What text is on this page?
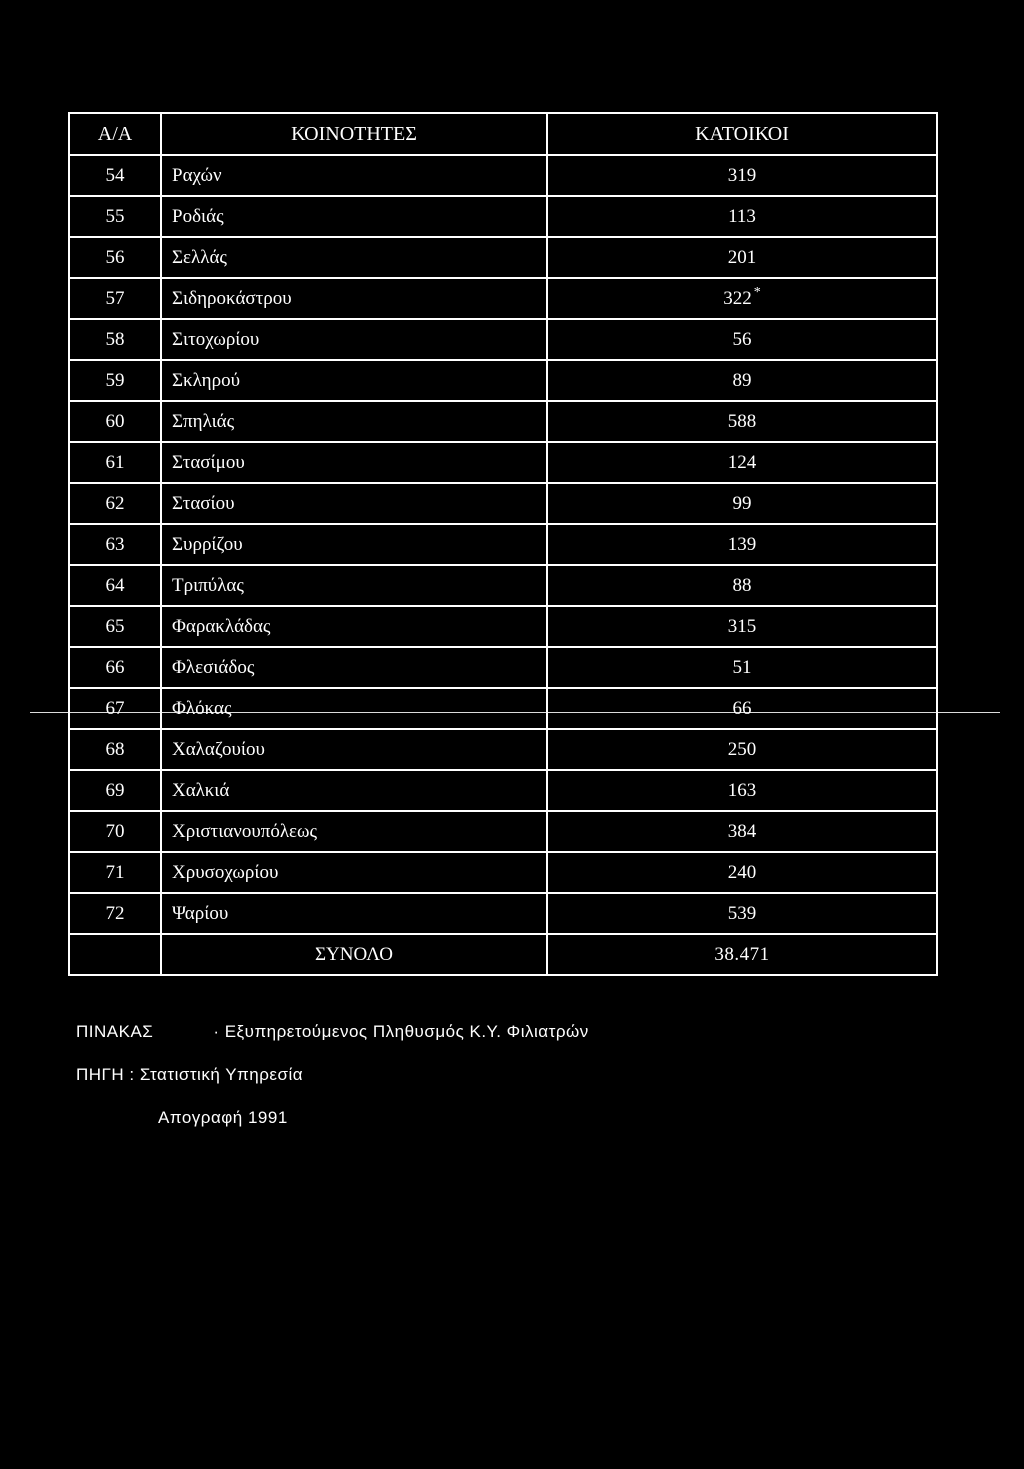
Α/Α	ΚΟΙΝΟΤΗΤΕΣ	ΚΑΤΟΙΚΟΙ
54	Ραχών	319
55	Ροδιάς	113
56	Σελλάς	201
57	Σιδηροκάστρου	322 *
58	Σιτοχωρίου	56
59	Σκληρού	89
60	Σπηλιάς	588
61	Στασίμου	124
62	Στασίου	99
63	Συρρίζου	139
64	Τριπύλας	88
65	Φαρακλάδας	315
66	Φλεσιάδος	51
67	Φλόκας	66
68	Χαλαζουίου	250
69	Χαλκιά	163
70	Χριστιανουπόλεως	384
71	Χρυσοχωρίου	240
72	Ψαρίου	539
	ΣΥΝΟΛΟ	38.471
ΠΙΝΑΚΑΣ	· Εξυπηρετούμενος Πληθυσμός Κ.Υ. Φιλιατρών
ΠΗΓΗ : Στατιστική Υπηρεσία
Απογραφή 1991
